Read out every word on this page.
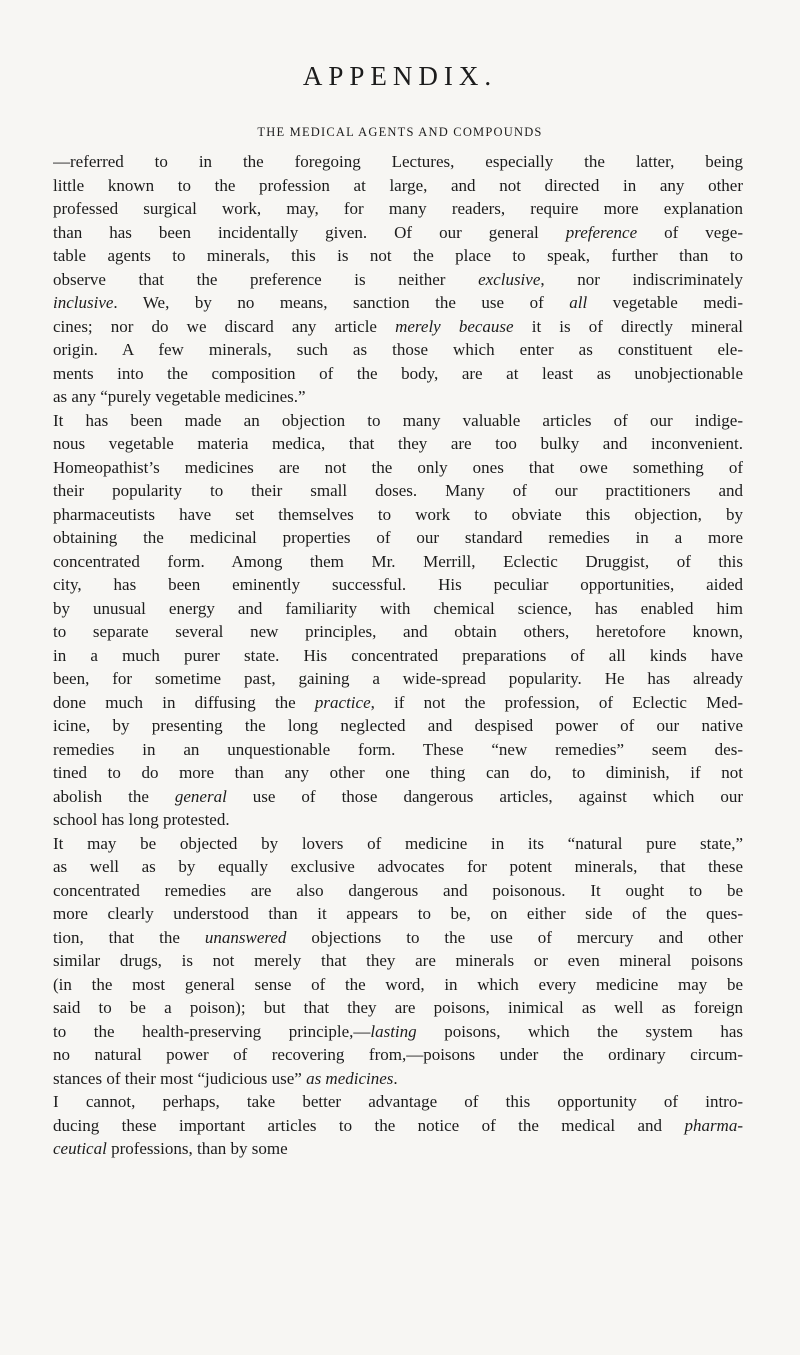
APPENDIX.
THE MEDICAL AGENTS AND COMPOUNDS
—referred to in the foregoing Lectures, especially the latter, being
little known to the profession at large, and not directed in any other
professed surgical work, may, for many readers, require more explanation
than has been incidentally given. Of our general preference of vege-
table agents to minerals, this is not the place to speak, further than to
observe that the preference is neither exclusive, nor indiscriminately
inclusive. We, by no means, sanction the use of all vegetable medi-
cines; nor do we discard any article merely because it is of directly mineral
origin. A few minerals, such as those which enter as constituent ele-
ments into the composition of the body, are at least as unobjectionable
as any “purely vegetable medicines.”
It has been made an objection to many valuable articles of our indige-
nous vegetable materia medica, that they are too bulky and inconvenient.
Homeopathist’s medicines are not the only ones that owe something of
their popularity to their small doses. Many of our practitioners and
pharmaceutists have set themselves to work to obviate this objection, by
obtaining the medicinal properties of our standard remedies in a more
concentrated form. Among them Mr. Merrill, Eclectic Druggist, of this
city, has been eminently successful. His peculiar opportunities, aided
by unusual energy and familiarity with chemical science, has enabled him
to separate several new principles, and obtain others, heretofore known,
in a much purer state. His concentrated preparations of all kinds have
been, for sometime past, gaining a wide-spread popularity. He has already
done much in diffusing the practice, if not the profession, of Eclectic Med-
icine, by presenting the long neglected and despised power of our native
remedies in an unquestionable form. These “new remedies” seem des-
tined to do more than any other one thing can do, to diminish, if not
abolish the general use of those dangerous articles, against which our
school has long protested.
It may be objected by lovers of medicine in its “natural pure state,”
as well as by equally exclusive advocates for potent minerals, that these
concentrated remedies are also dangerous and poisonous. It ought to be
more clearly understood than it appears to be, on either side of the ques-
tion, that the unanswered objections to the use of mercury and other
similar drugs, is not merely that they are minerals or even mineral poisons
(in the most general sense of the word, in which every medicine may be
said to be a poison); but that they are poisons, inimical as well as foreign
to the health-preserving principle,—lasting poisons, which the system has
no natural power of recovering from,—poisons under the ordinary circum-
stances of their most “judicious use” as medicines.
I cannot, perhaps, take better advantage of this opportunity of intro-
ducing these important articles to the notice of the medical and pharma-
ceutical professions, than by some
